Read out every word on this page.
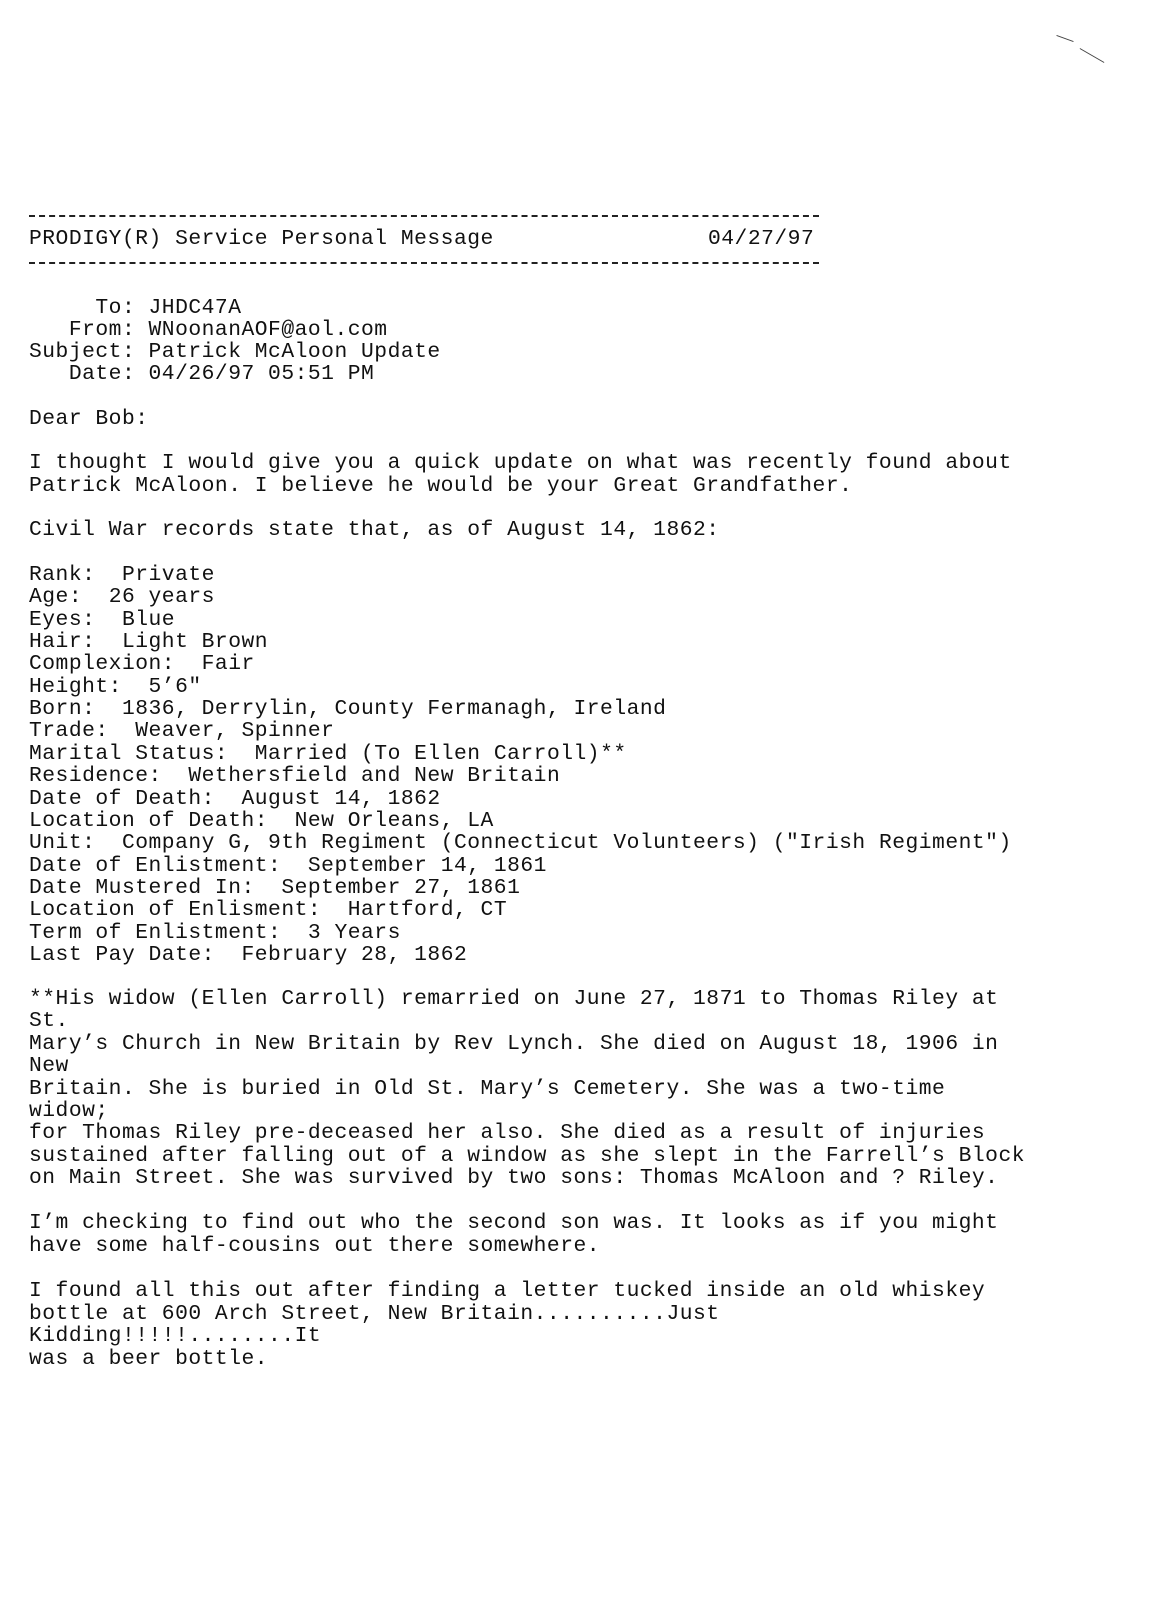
PRODIGY(R) Service Personal Message	04/27/97
To: JHDC47A
From: WNoonanAOF@aol.com
Subject: Patrick McAloon Update
Date: 04/26/97 05:51 PM
Dear Bob:
I thought I would give you a quick update on what was recently found about
Patrick McAloon. I believe he would be your Great Grandfather.
Civil War records state that, as of August 14, 1862:
Rank: Private
Age: 26 years
Eyes: Blue
Hair: Light Brown
Complexion: Fair
Height: 5’6"
Born: 1836, Derrylin, County Fermanagh, Ireland
Trade: Weaver, Spinner
Marital Status: Married (To Ellen Carroll)**
Residence: Wethersfield and New Britain
Date of Death: August 14, 1862
Location of Death: New Orleans, LA
Unit: Company G, 9th Regiment (Connecticut Volunteers) ("Irish Regiment")
Date of Enlistment: September 14, 1861
Date Mustered In: September 27, 1861
Location of Enlisment: Hartford, CT
Term of Enlistment: 3 Years
Last Pay Date: February 28, 1862
**His widow (Ellen Carroll) remarried on June 27, 1871 to Thomas Riley at
St.
Mary’s Church in New Britain by Rev Lynch. She died on August 18, 1906 in
New
Britain. She is buried in Old St. Mary’s Cemetery. She was a two-time
widow;
for Thomas Riley pre-deceased her also. She died as a result of injuries
sustained after falling out of a window as she slept in the Farrell’s Block
on Main Street. She was survived by two sons: Thomas McAloon and ? Riley.
I’m checking to find out who the second son was. It looks as if you might
have some half-cousins out there somewhere.
I found all this out after finding a letter tucked inside an old whiskey
bottle at 600 Arch Street, New Britain..........Just
Kidding!!!!!........It
was a beer bottle.
